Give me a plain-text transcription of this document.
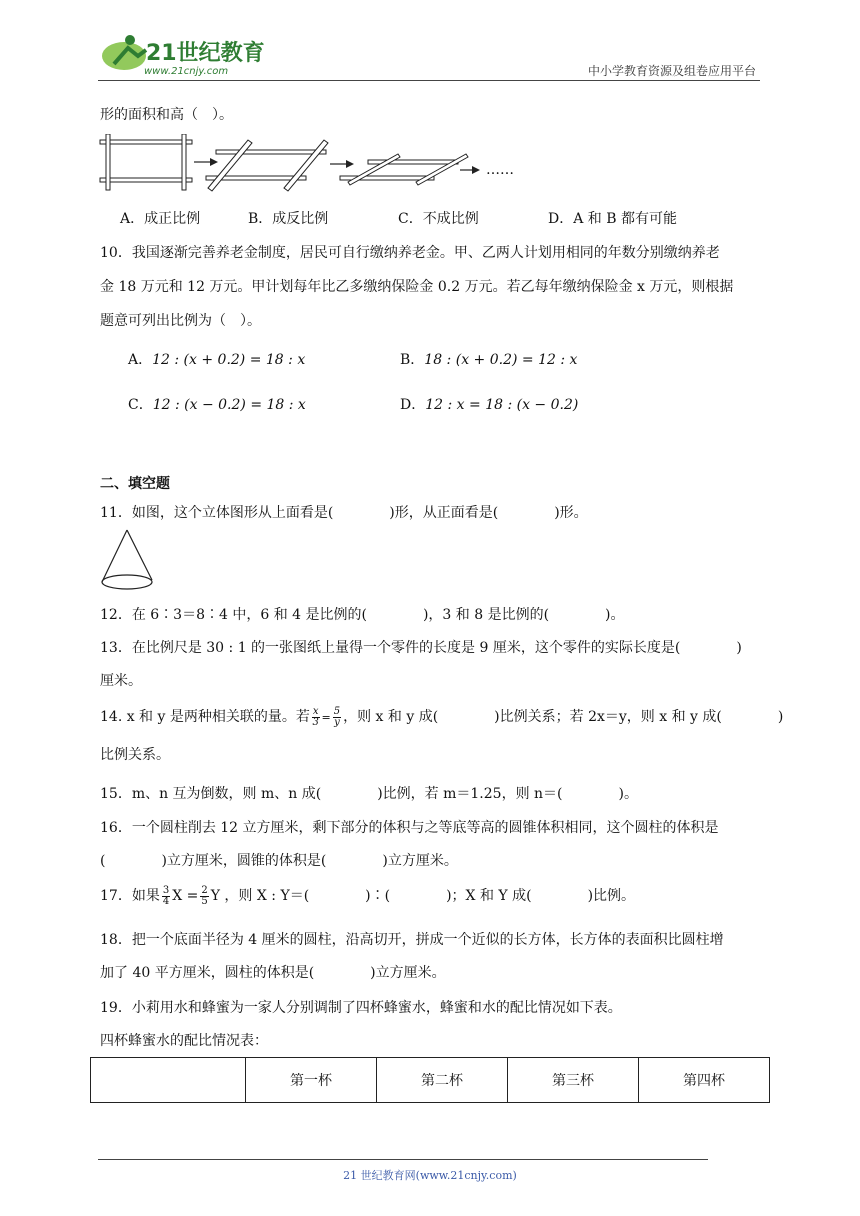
21世纪教育
www.21cnjy.com	中小学教育资源及组卷应用平台
形的面积和高（　）。
……
A．成正比例	B．成反比例	C．不成比例	D．A 和 B 都有可能
10．我国逐渐完善养老金制度，居民可自行缴纳养老金。甲、乙两人计划用相同的年数分别缴纳养老
金 18 万元和 12 万元。甲计划每年比乙多缴纳保险金 0.2 万元。若乙每年缴纳保险金 x 万元，则根据
题意可列出比例为（　）。
A．12 : (x + 0.2) = 18 : x	B．18 : (x + 0.2) = 12 : x
C．12 : (x − 0.2) = 18 : x	D．12 : x = 18 : (x − 0.2)
二、填空题
11．如图，这个立体图形从上面看是(　　　　)形，从正面看是(　　　　)形。
12．在 6∶3＝8∶4 中，6 和 4 是比例的(　　　　)，3 和 8 是比例的(　　　　)。
13．在比例尺是 30 : 1 的一张图纸上量得一个零件的长度是 9 厘米，这个零件的实际长度是(　　　　)
厘米。
14. x 和 y 是两种相关联的量。若 $\frac{x}{3} = \frac{5}{y}$ ，则 x 和 y 成(　　　　)比例关系；若 2x＝y，则 x 和 y 成(　　　　)
比例关系。
15．m、n 互为倒数，则 m、n 成(　　　　)比例，若 m＝1.25，则 n＝(　　　　)。
16．一个圆柱削去 12 立方厘米，剩下部分的体积与之等底等高的圆锥体积相同，这个圆柱的体积是
(　　　　)立方厘米，圆锥的体积是(　　　　)立方厘米。
17．如果 $\frac{3}{4}$ $X = \frac{2}{5}$ Y ，则 X : Y＝(　　　　)∶(　　　　)；X 和 Y 成(　　　　)比例。
18．把一个底面半径为 4 厘米的圆柱，沿高切开，拼成一个近似的长方体，长方体的表面积比圆柱增
加了 40 平方厘米，圆柱的体积是(　　　　)立方厘米。
19．小莉用水和蜂蜜为一家人分别调制了四杯蜂蜜水，蜂蜜和水的配比情况如下表。
四杯蜂蜜水的配比情况表：
	第一杯	第二杯	第三杯	第四杯
21 世纪教育网(www.21cnjy.com)
